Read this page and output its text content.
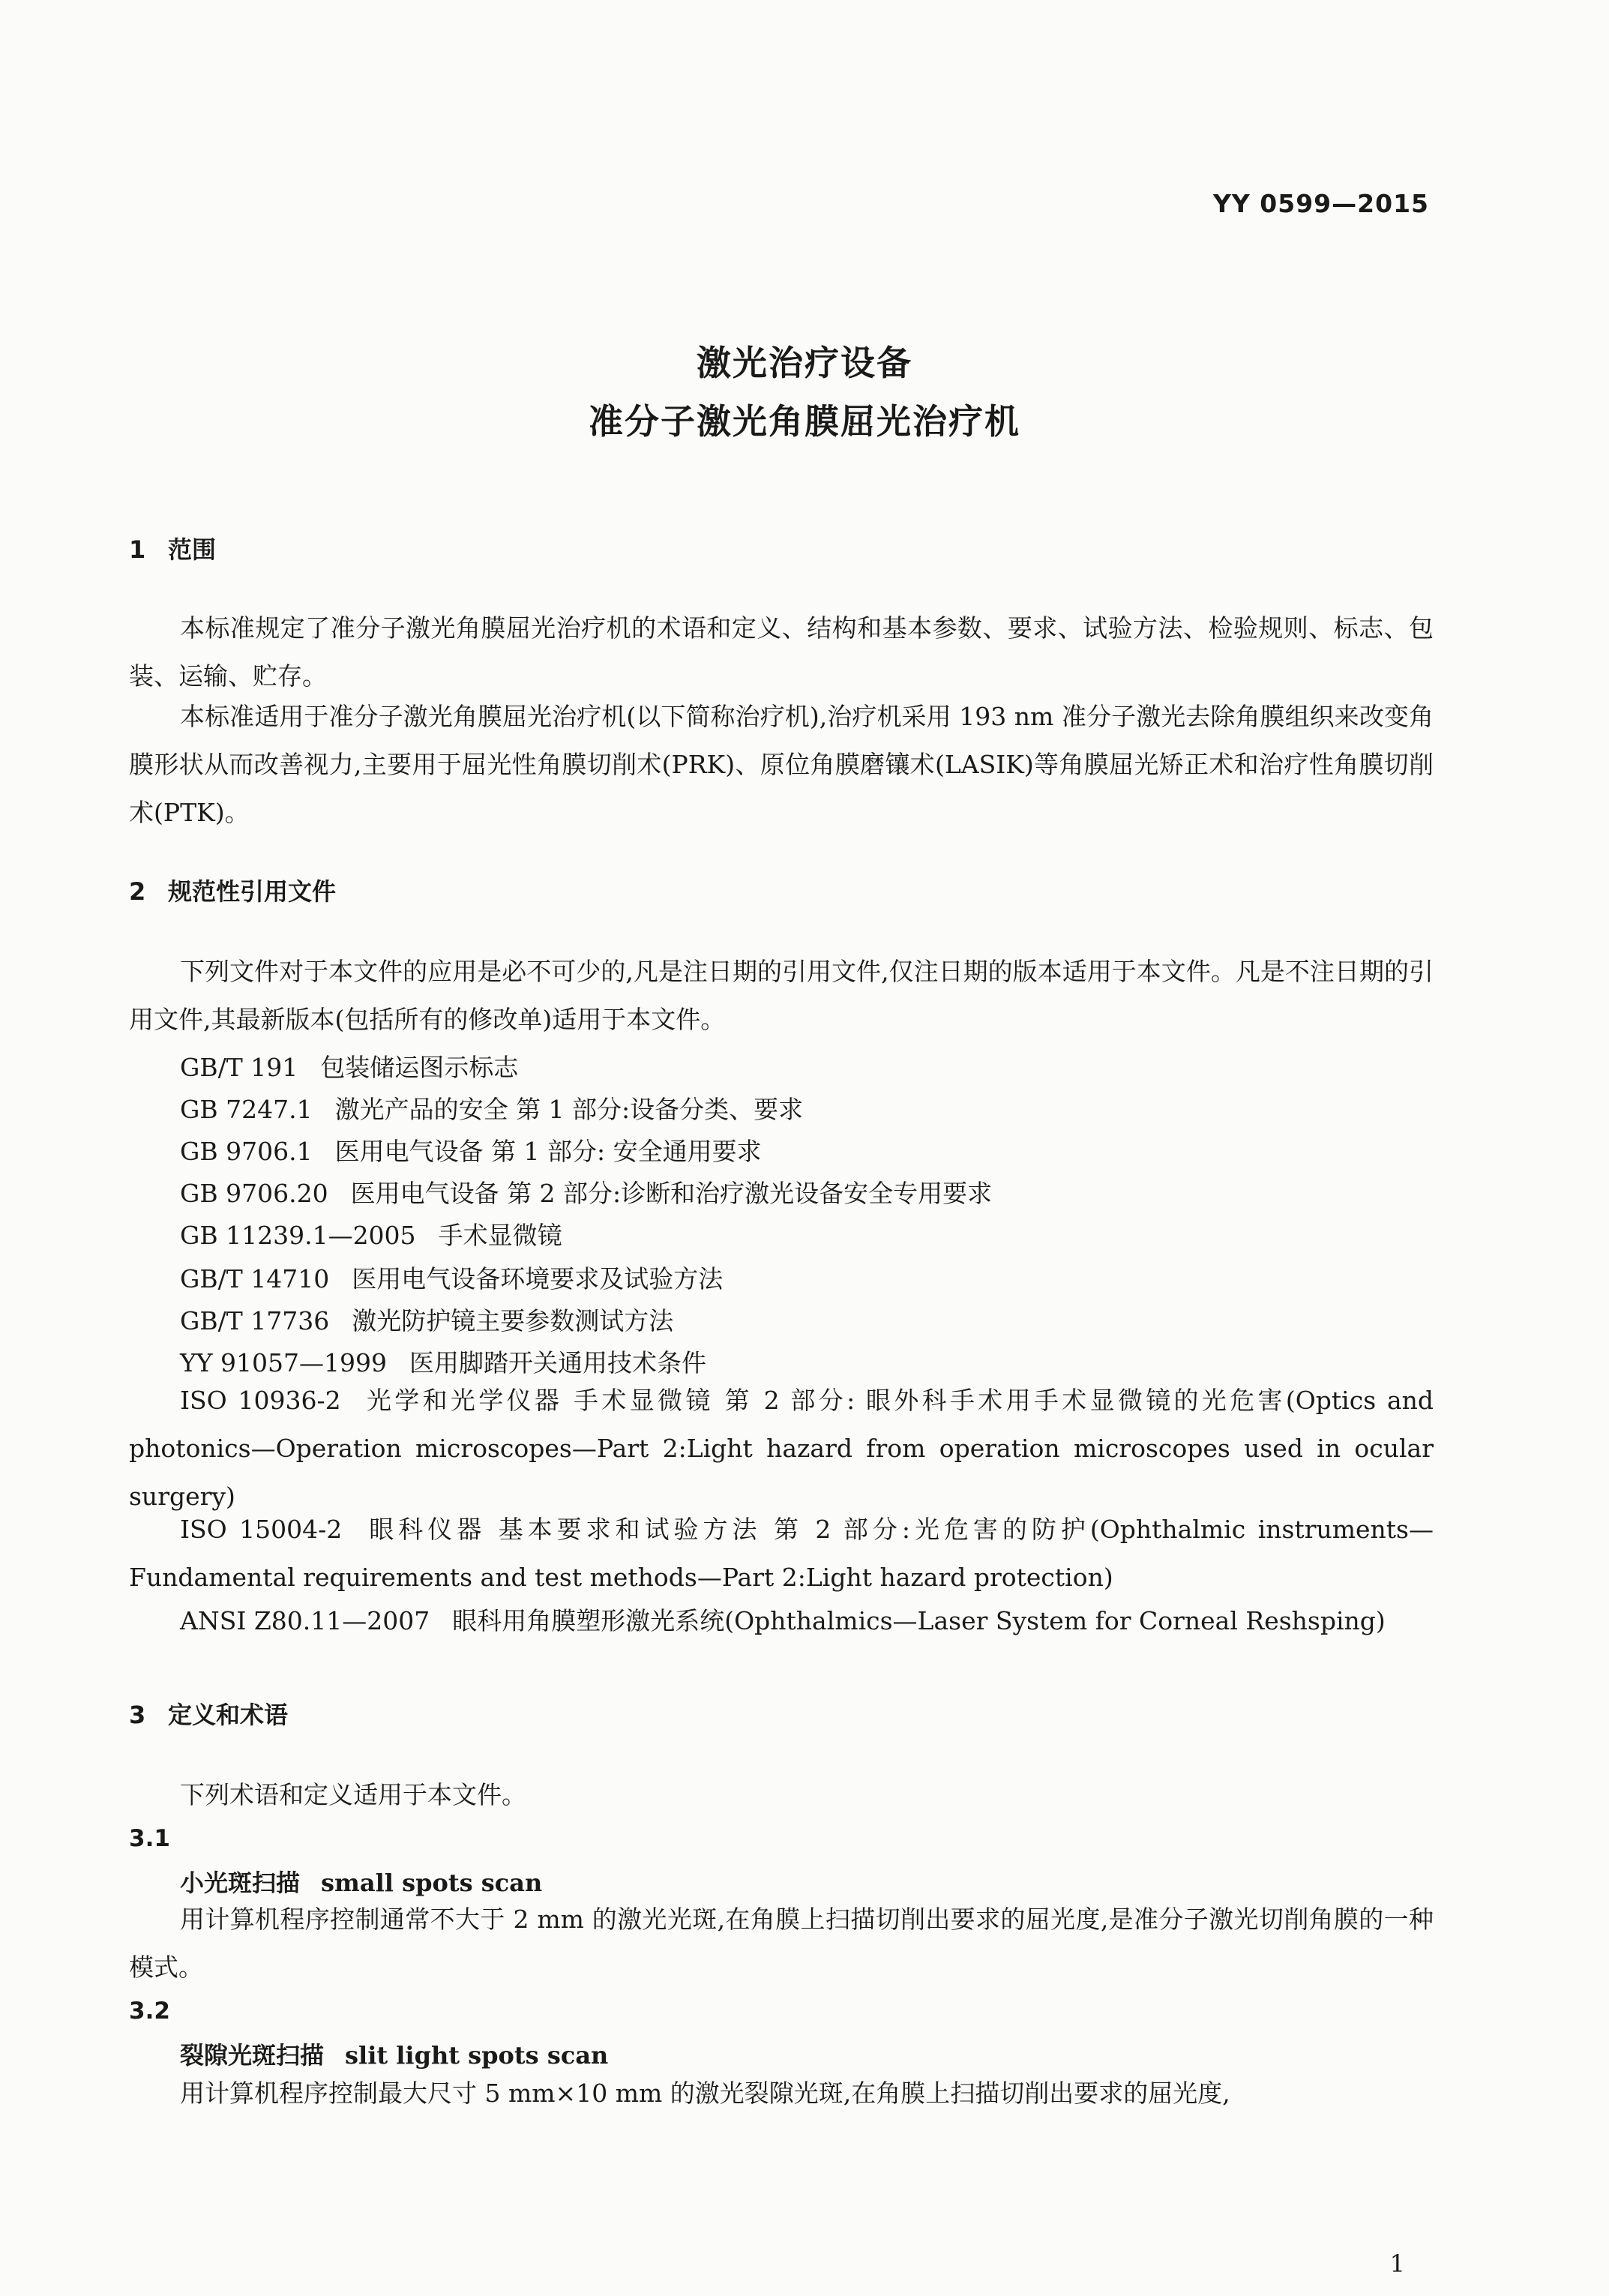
YY 0599—2015
激光治疗设备
准分子激光角膜屈光治疗机
1 范围
本标准规定了准分子激光角膜屈光治疗机的术语和定义、结构和基本参数、要求、试验方法、检验规则、标志、包装、运输、贮存。
本标准适用于准分子激光角膜屈光治疗机(以下简称治疗机),治疗机采用 193 nm 准分子激光去除角膜组织来改变角膜形状从而改善视力,主要用于屈光性角膜切削术(PRK)、原位角膜磨镶术(LASIK)等角膜屈光矫正术和治疗性角膜切削术(PTK)。
2 规范性引用文件
下列文件对于本文件的应用是必不可少的,凡是注日期的引用文件,仅注日期的版本适用于本文件。凡是不注日期的引用文件,其最新版本(包括所有的修改单)适用于本文件。
GB/T 191 包装储运图示标志
GB 7247.1 激光产品的安全 第 1 部分:设备分类、要求
GB 9706.1 医用电气设备 第 1 部分: 安全通用要求
GB 9706.20 医用电气设备 第 2 部分:诊断和治疗激光设备安全专用要求
GB 11239.1—2005 手术显微镜
GB/T 14710 医用电气设备环境要求及试验方法
GB/T 17736 激光防护镜主要参数测试方法
YY 91057—1999 医用脚踏开关通用技术条件
ISO 10936-2 光学和光学仪器 手术显微镜 第 2 部分: 眼外科手术用手术显微镜的光危害(Optics and photonics—Operation microscopes—Part 2:Light hazard from operation microscopes used in ocular surgery)
ISO 15004-2 眼科仪器 基本要求和试验方法 第 2 部分:光危害的防护(Ophthalmic instruments—Fundamental requirements and test methods—Part 2:Light hazard protection)
ANSI Z80.11—2007 眼科用角膜塑形激光系统(Ophthalmics—Laser System for Corneal Reshsping)
3 定义和术语
下列术语和定义适用于本文件。
3.1
小光斑扫描 small spots scan
用计算机程序控制通常不大于 2 mm 的激光光斑,在角膜上扫描切削出要求的屈光度,是准分子激光切削角膜的一种模式。
3.2
裂隙光斑扫描 slit light spots scan
用计算机程序控制最大尺寸 5 mm×10 mm 的激光裂隙光斑,在角膜上扫描切削出要求的屈光度,
1
